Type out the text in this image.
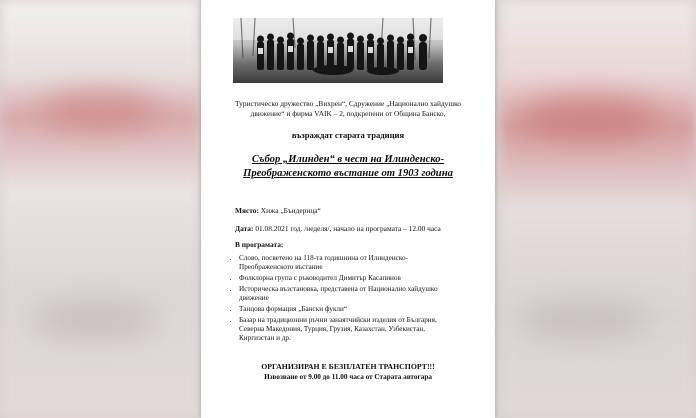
Туристическо дружество „Вихрен“, Сдружение „Национално хайдушко
движение“ и фирма VAIK – 2, подкрепени от Община Банско,
възраждат старата традиция
Събор „Илинден“ в чест на Илинденско-
Преображенското въстание от 1903 година
Място: Хижа „Бъндерица“
Дата: 01.08.2021 год. /неделя/, начало на програмата – 12.00 часа
В програмата:
• Слово, посветено на 118-та годишнина от Илинденско-
Преображенското въстание
• Фолклорна група с ръководител Димитър Касапинов
• Историческа възстановка, представена от Национално хайдушко
движение
• Танцова формация „Бански фукли“
• Базар на традиционни ръчни занаятчийски изделия от България,
Северна Македония, Турция, Грузия, Казахстан, Узбекистан,
Киргизстан и др.
ОРГАНИЗИРАН Е БЕЗПЛАТЕН ТРАНСПОРТ!!!
Извозване от 9.00 до 11.00 часа от Старата автогара
